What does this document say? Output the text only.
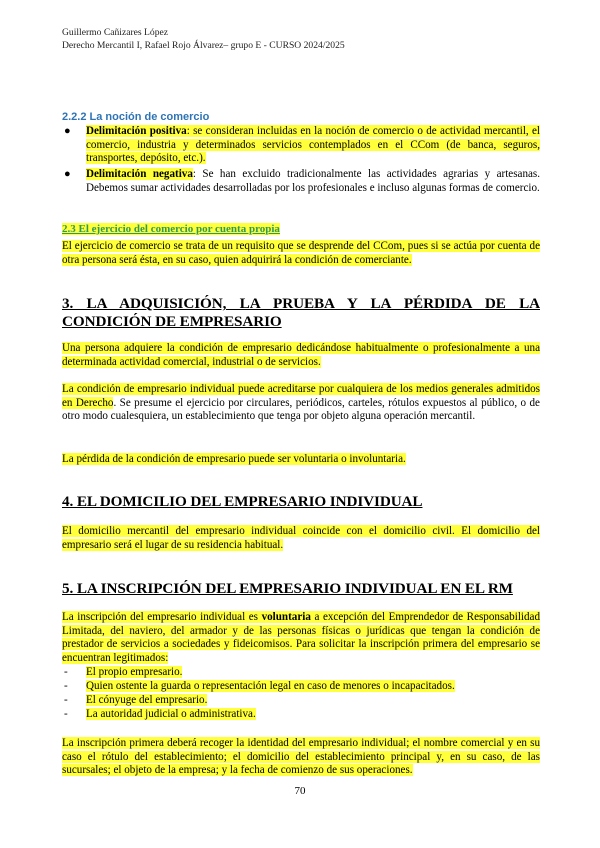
Guillermo Cañizares López
Derecho Mercantil I, Rafael Rojo Álvarez– grupo E - CURSO 2024/2025
2.2.2 La noción de comercio
● Delimitación positiva: se consideran incluidas en la noción de comercio o de actividad mercantil, el comercio, industria y determinados servicios contemplados en el CCom (de banca, seguros, transportes, depósito, etc.).
● Delimitación negativa: Se han excluido tradicionalmente las actividades agrarias y artesanas. Debemos sumar actividades desarrolladas por los profesionales e incluso algunas formas de comercio.
2.3 El ejercicio del comercio por cuenta propia
El ejercicio de comercio se trata de un requisito que se desprende del CCom, pues si se actúa por cuenta de otra persona será ésta, en su caso, quien adquirirá la condición de comerciante.
3. LA ADQUISICIÓN, LA PRUEBA Y LA PÉRDIDA DE LA CONDICIÓN DE EMPRESARIO
Una persona adquiere la condición de empresario dedicándose habitualmente o profesionalmente a una determinada actividad comercial, industrial o de servicios.
La condición de empresario individual puede acreditarse por cualquiera de los medios generales admitidos en Derecho. Se presume el ejercicio por circulares, periódicos, carteles, rótulos expuestos al público, o de otro modo cualesquiera, un establecimiento que tenga por objeto alguna operación mercantil.
La pérdida de la condición de empresario puede ser voluntaria o involuntaria.
4. EL DOMICILIO DEL EMPRESARIO INDIVIDUAL
El domicilio mercantil del empresario individual coincide con el domicilio civil. El domicilio del empresario será el lugar de su residencia habitual.
5. LA INSCRIPCIÓN DEL EMPRESARIO INDIVIDUAL EN EL RM
La inscripción del empresario individual es voluntaria a excepción del Emprendedor de Responsabilidad Limitada, del naviero, del armador y de las personas físicas o jurídicas que tengan la condición de prestador de servicios a sociedades y fideicomisos. Para solicitar la inscripción primera del empresario se encuentran legitimados:
- El propio empresario.
- Quien ostente la guarda o representación legal en caso de menores o incapacitados.
- El cónyuge del empresario.
- La autoridad judicial o administrativa.
La inscripción primera deberá recoger la identidad del empresario individual; el nombre comercial y en su caso el rótulo del establecimiento; el domicilio del establecimiento principal y, en su caso, de las sucursales; el objeto de la empresa; y la fecha de comienzo de sus operaciones.
70
